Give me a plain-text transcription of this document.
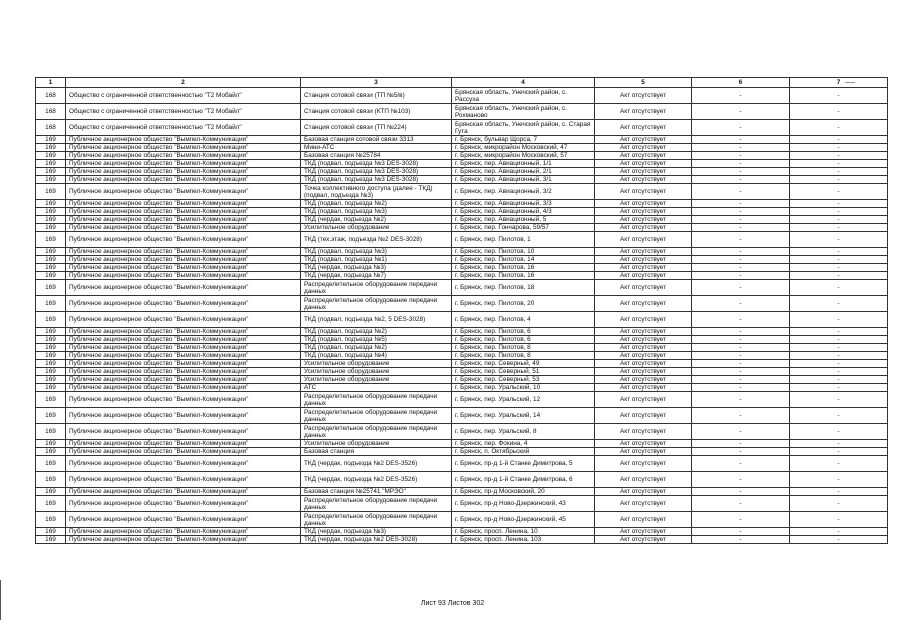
1	2	3	4	5	6	7
168	Общество с ограниченной ответственностью "Т2 Мобайл"	Станция сотовой связи (ТП №5/в)	Брянская область, Унечский район, с. Рассуха	Акт отсутствует	-	-
168	Общество с ограниченной ответственностью "Т2 Мобайл"	Станция сотовой связи (КТП №103)	Брянская область, Унечский район, с. Рохманово	Акт отсутствует	-	-
168	Общество с ограниченной ответственностью "Т2 Мобайл"	Станция сотовой связи (ТП №224)	Брянская область, Унечский район, с. Старая Гута	Акт отсутствует	-	-
169	Публичное акционерное общество "Вымпел-Коммуникации"	Базовая станция сотовой связи 3313	г. Брянск, бульвар Щорса, 7	Акт отсутствует	-	-
169	Публичное акционерное общество "Вымпел-Коммуникации"	Мини-АТС	г. Брянск, микрорайон Московский, 47	Акт отсутствует	-	-
169	Публичное акционерное общество "Вымпел-Коммуникации"	Базовая станция №25784	г. Брянск, микрорайон Московский, 57	Акт отсутствует	-	-
169	Публичное акционерное общество "Вымпел-Коммуникации"	ТКД (подвал, подъезда №3 DES-3028)	г. Брянск, пер. Авиационный, 1/1	Акт отсутствует	-	-
169	Публичное акционерное общество "Вымпел-Коммуникации"	ТКД (подвал, подъезда №3 DES-3028)	г. Брянск, пер. Авиационный, 2/1	Акт отсутствует	-	-
169	Публичное акционерное общество "Вымпел-Коммуникации"	ТКД (подвал, подъезда №3 DES-3028)	г. Брянск, пер. Авиационный, 3/1	Акт отсутствует	-	-
169	Публичное акционерное общество "Вымпел-Коммуникации"	Точка коллективного доступа (далее - ТКД) (подвал, подъезда №3)	г. Брянск, пер. Авиационный, 3/2	Акт отсутствует	-	-
169	Публичное акционерное общество "Вымпел-Коммуникации"	ТКД (подвал, подъезда №2)	г. Брянск, пер. Авиационный, 3/3	Акт отсутствует	-	-
169	Публичное акционерное общество "Вымпел-Коммуникации"	ТКД (подвал, подъезда №3)	г. Брянск, пер. Авиационный, 4/3	Акт отсутствует	-	-
169	Публичное акционерное общество "Вымпел-Коммуникации"	ТКД (чердак, подъезда №2)	г. Брянск, пер. Авиационный, 5	Акт отсутствует	-	-
169	Публичное акционерное общество "Вымпел-Коммуникации"	Усилительное оборудование	г. Брянск, пер. Гончарова, 59/57	Акт отсутствует	-	-
169	Публичное акционерное общество "Вымпел-Коммуникации"	ТКД (тех.этаж, подъезда №2 DES-3028)	г. Брянск, пер. Пилотов, 1	Акт отсутствует	-	-
169	Публичное акционерное общество "Вымпел-Коммуникации"	ТКД (подвал, подъезда №3)	г. Брянск, пер. Пилотов, 10	Акт отсутствует	-	-
169	Публичное акционерное общество "Вымпел-Коммуникации"	ТКД (подвал, подъезда №1)	г. Брянск, пер. Пилотов, 14	Акт отсутствует	-	-
169	Публичное акционерное общество "Вымпел-Коммуникации"	ТКД (чердак, подъезда №3)	г. Брянск, пер. Пилотов, 16	Акт отсутствует	-	-
169	Публичное акционерное общество "Вымпел-Коммуникации"	ТКД (чердак, подъезда №7)	г. Брянск, пер. Пилотов, 16	Акт отсутствует	-	-
169	Публичное акционерное общество "Вымпел-Коммуникации"	Распределительное оборудование передачи данных	г. Брянск, пер. Пилотов, 18	Акт отсутствует	-	-
169	Публичное акционерное общество "Вымпел-Коммуникации"	Распределительное оборудование передачи данных	г. Брянск, пер. Пилотов, 20	Акт отсутствует	-	-
169	Публичное акционерное общество "Вымпел-Коммуникации"	ТКД (подвал, подъезда №2, 5 DES-3028)	г. Брянск, пер. Пилотов, 4	Акт отсутствует	-	-
169	Публичное акционерное общество "Вымпел-Коммуникации"	ТКД (подвал, подъезда №2)	г. Брянск, пер. Пилотов, 6	Акт отсутствует	-	-
169	Публичное акционерное общество "Вымпел-Коммуникации"	ТКД (подвал, подъезда №5)	г. Брянск, пер. Пилотов, 6	Акт отсутствует	-	-
169	Публичное акционерное общество "Вымпел-Коммуникации"	ТКД (подвал, подъезда №2)	г. Брянск, пер. Пилотов, 8	Акт отсутствует	-	-
169	Публичное акционерное общество "Вымпел-Коммуникации"	ТКД (подвал, подъезда №4)	г. Брянск, пер. Пилотов, 8	Акт отсутствует	-	-
169	Публичное акционерное общество "Вымпел-Коммуникации"	Усилительное оборудование	г. Брянск, пер. Северный, 49	Акт отсутствует	-	-
169	Публичное акционерное общество "Вымпел-Коммуникации"	Усилительное оборудование	г. Брянск, пер. Северный, 51	Акт отсутствует	-	-
169	Публичное акционерное общество "Вымпел-Коммуникации"	Усилительное оборудование	г. Брянск, пер. Северный, 53	Акт отсутствует	-	-
169	Публичное акционерное общество "Вымпел-Коммуникации"	АТС	г. Брянск, пер. Уральский, 10	Акт отсутствует	-	-
169	Публичное акционерное общество "Вымпел-Коммуникации"	Распределительное оборудование передачи данных	г. Брянск, пер. Уральский, 12	Акт отсутствует	-	-
169	Публичное акционерное общество "Вымпел-Коммуникации"	Распределительное оборудование передачи данных	г. Брянск, пер. Уральский, 14	Акт отсутствует	-	-
169	Публичное акционерное общество "Вымпел-Коммуникации"	Распределительное оборудование передачи данных	г. Брянск, пер. Уральский, 8	Акт отсутствует	-	-
169	Публичное акционерное общество "Вымпел-Коммуникации"	Усилительное оборудование	г. Брянск, пер. Фокина, 4	Акт отсутствует	-	-
169	Публичное акционерное общество "Вымпел-Коммуникации"	Базовая станция	г. Брянск, п. Октябрьский	Акт отсутствует	-	-
169	Публичное акционерное общество "Вымпел-Коммуникации"	ТКД (чердак, подъезда №2 DES-3526)	г. Брянск, пр-д 1-й Станке Димитрова, 5	Акт отсутствует	-	-
169	Публичное акционерное общество "Вымпел-Коммуникации"	ТКД (чердак, подъезда №2 DES-3526)	г. Брянск, пр-д 1-й Станке Димитрова, 6	Акт отсутствует	-	-
169	Публичное акционерное общество "Вымпел-Коммуникации"	Базовая станция №25741 "МРЭО"	г. Брянск, пр-д Московский, 20	Акт отсутствует	-	-
169	Публичное акционерное общество "Вымпел-Коммуникации"	Распределительное оборудование передачи данных	г. Брянск, пр-д Ново-Дзержинский, 43	Акт отсутствует	-	-
169	Публичное акционерное общество "Вымпел-Коммуникации"	Распределительное оборудование передачи данных	г. Брянск, пр-д Ново-Дзержинский, 45	Акт отсутствует	-	-
169	Публичное акционерное общество "Вымпел-Коммуникации"	ТКД (чердак, подъезда №3)	г. Брянск, просп. Ленина, 10	Акт отсутствует	-	-
169	Публичное акционерное общество "Вымпел-Коммуникации"	ТКД (чердак, подъезда №2 DES-3028)	г. Брянск, просп. Ленина, 103	Акт отсутствует	-	-
Лист 93 Листов 302
